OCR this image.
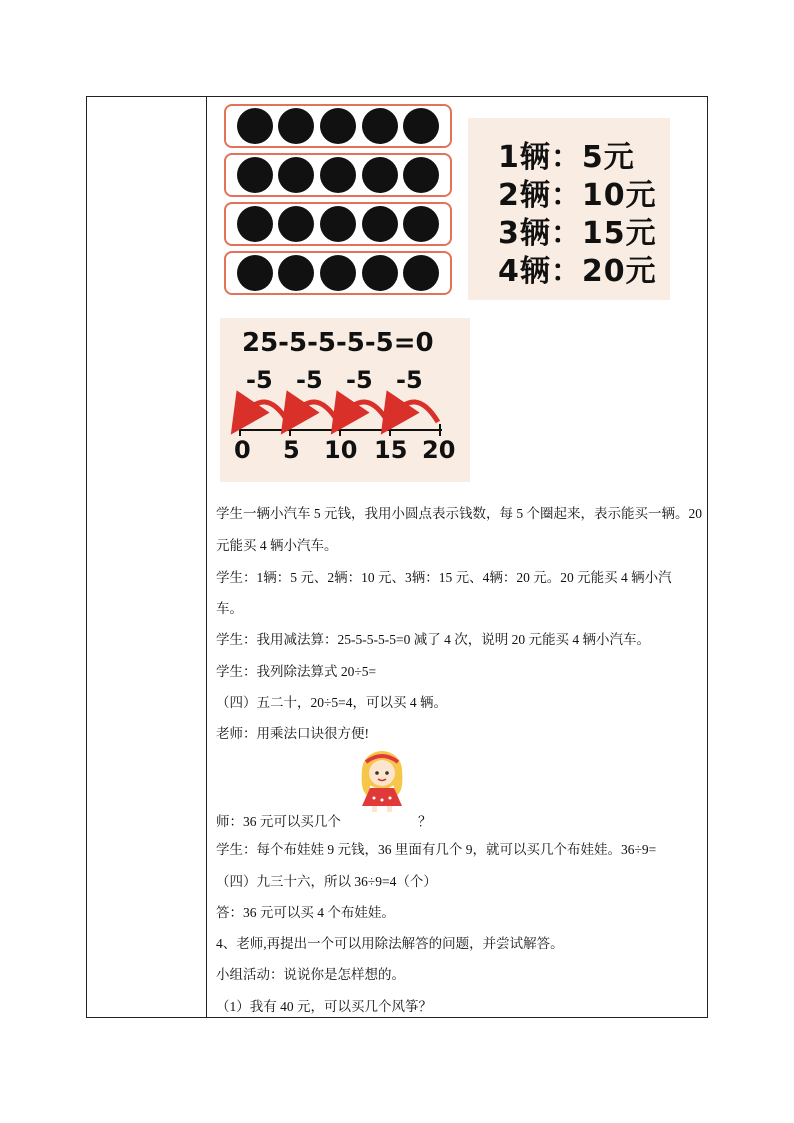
1辆：5元
2辆：10元
3辆：15元
4辆：20元
25-5-5-5-5=0
-5 -5 -5 -5
0 5 10 15 20
学生一辆小汽车 5 元钱，我用小圆点表示钱数，每 5 个圈起来，表示能买一辆。20
元能买 4 辆小汽车。
学生：1辆：5 元、2辆：10 元、3辆：15 元、4辆：20 元。20 元能买 4 辆小汽
车。
学生：我用减法算：25-5-5-5-5=0 减了 4 次，说明 20 元能买 4 辆小汽车。
学生：我列除法算式 20÷5=
（四）五二十，20÷5=4，可以买 4 辆。
老师：用乘法口诀很方便!
师：36 元可以买几个	？
学生：每个布娃娃 9 元钱，36 里面有几个 9，就可以买几个布娃娃。36÷9=
（四）九三十六，所以 36÷9=4（个）
答：36 元可以买 4 个布娃娃。
4、老师,再提出一个可以用除法解答的问题，并尝试解答。
小组活动：说说你是怎样想的。
（1）我有 40 元，可以买几个风筝？
